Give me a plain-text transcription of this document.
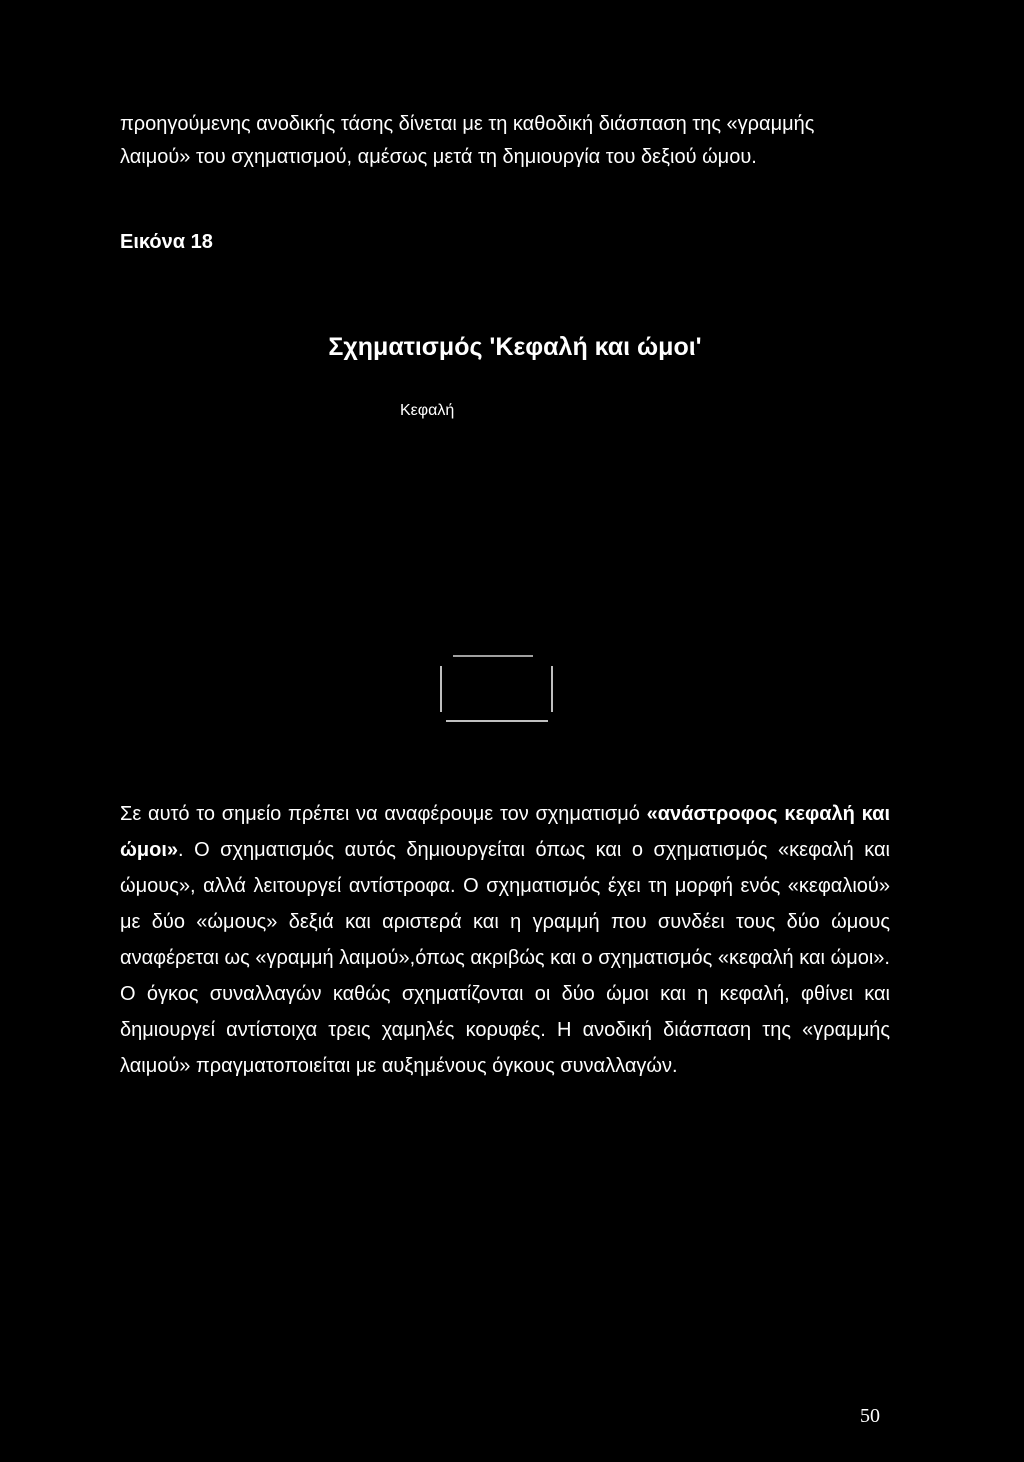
προηγούμενης ανοδικής τάσης δίνεται με τη καθοδική διάσπαση της «γραμμής

λαιμού» του σχηματισμού, αμέσως μετά τη δημιουργία του δεξιού ώμου.

Εικόνα 18
Σχηματισμός 'Κεφαλή και ώμοι'
Κεφαλή

Σε αυτό το σημείο πρέπει να αναφέρουμε τον σχηματισμό «ανάστροφος κεφαλή και ώμοι». Ο σχηματισμός αυτός δημιουργείται όπως και ο σχηματισμός «κεφαλή και ώμους», αλλά λειτουργεί αντίστροφα. Ο σχηματισμός έχει τη μορφή ενός «κεφαλιού» με δύο «ώμους» δεξιά και αριστερά και η γραμμή που συνδέει τους δύο ώμους αναφέρεται ως «γραμμή λαιμού»,όπως ακριβώς και ο σχηματισμός «κεφαλή και ώμοι». Ο όγκος συναλλαγών καθώς σχηματίζονται οι δύο ώμοι και η κεφαλή, φθίνει και δημιουργεί αντίστοιχα τρεις χαμηλές κορυφές. Η ανοδική διάσπαση της «γραμμής λαιμού» πραγματοποιείται με αυξημένους όγκους συναλλαγών.

50
